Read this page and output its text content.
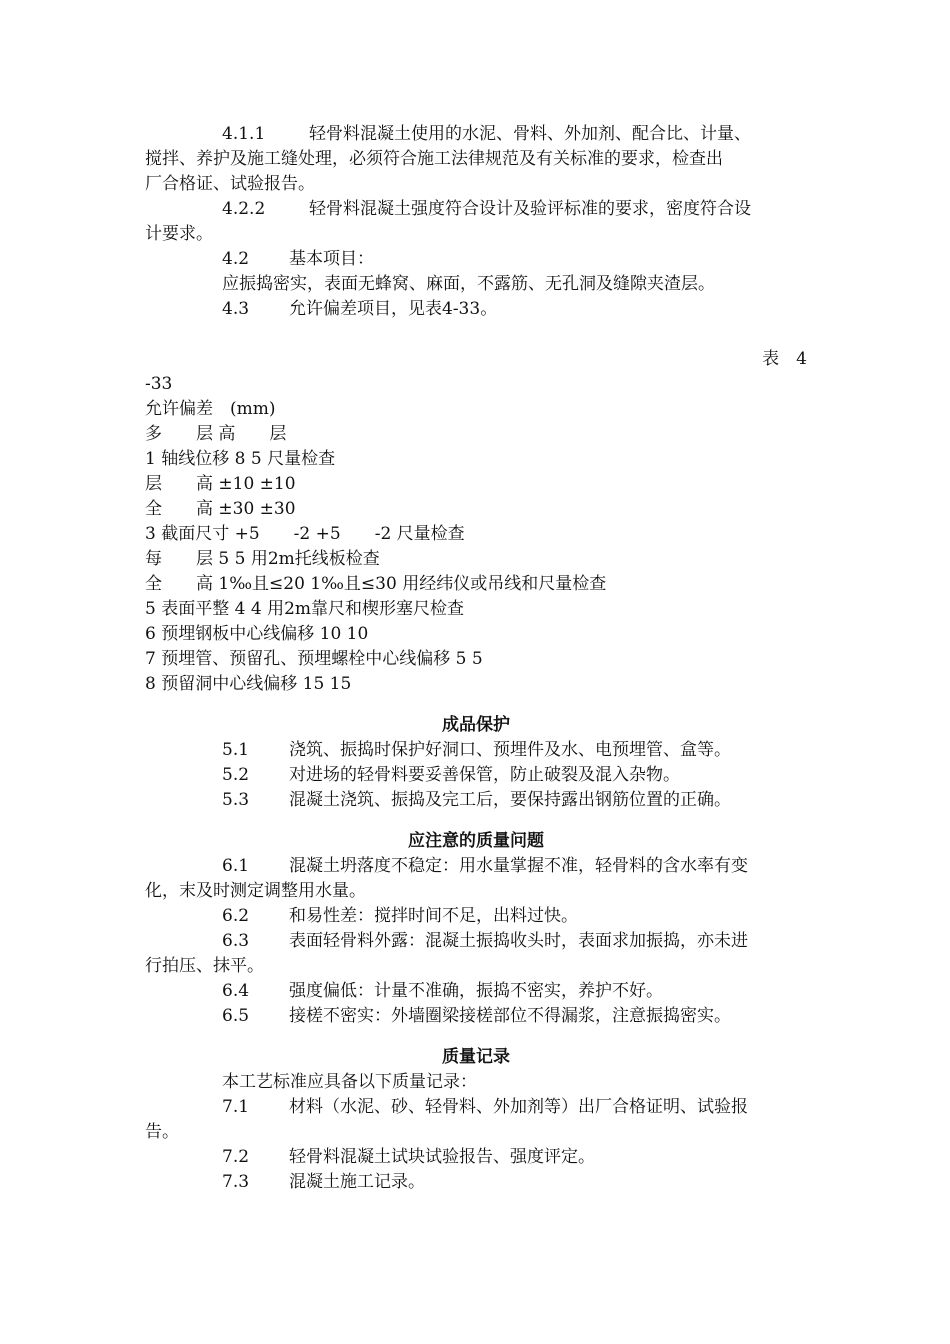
4.1.1	轻骨料混凝土使用的水泥、骨料、外加剂、配合比、计量、
搅拌、养护及施工缝处理，必须符合施工法律规范及有关标准的要求，检查出
厂合格证、试验报告。
4.2.2	轻骨料混凝土强度符合设计及验评标准的要求，密度符合设
计要求。
4.2 基本项目：
应振捣密实，表面无蜂窝、麻面，不露筋、无孔洞及缝隙夹渣层。
4.3 允许偏差项目，见表4-33。
表　4
-33
允许偏差　(mm)
多　　层 高　　层
1 轴线位移 8 5 尺量检查
层　　高 ±10 ±10
全　　高 ±30 ±30
3 截面尺寸 +5　　-2 +5　　-2 尺量检查
每　　层 5 5 用2m托线板检查
全　　高 1‰且≤20 1‰且≤30 用经纬仪或吊线和尺量检查
5 表面平整 4 4 用2m靠尺和楔形塞尺检查
6 预埋钢板中心线偏移 10 10
7 预埋管、预留孔、预埋螺栓中心线偏移 5 5
8 预留洞中心线偏移 15 15
成品保护
5.1 浇筑、振捣时保护好洞口、预埋件及水、电预埋管、盒等。
5.2 对进场的轻骨料要妥善保管，防止破裂及混入杂物。
5.3 混凝土浇筑、振捣及完工后，要保持露出钢筋位置的正确。
应注意的质量问题
6.1 混凝土坍落度不稳定：用水量掌握不准，轻骨料的含水率有变
化，末及时测定调整用水量。
6.2 和易性差：搅拌时间不足，出料过快。
6.3 表面轻骨料外露：混凝土振捣收头时，表面求加振捣，亦未进
行拍压、抹平。
6.4 强度偏低：计量不准确，振捣不密实，养护不好。
6.5 接槎不密实：外墙圈梁接槎部位不得漏浆，注意振捣密实。
质量记录
本工艺标准应具备以下质量记录：
7.1 材料（水泥、砂、轻骨料、外加剂等）出厂合格证明、试验报
告。
7.2 轻骨料混凝土试块试验报告、强度评定。
7.3 混凝土施工记录。
